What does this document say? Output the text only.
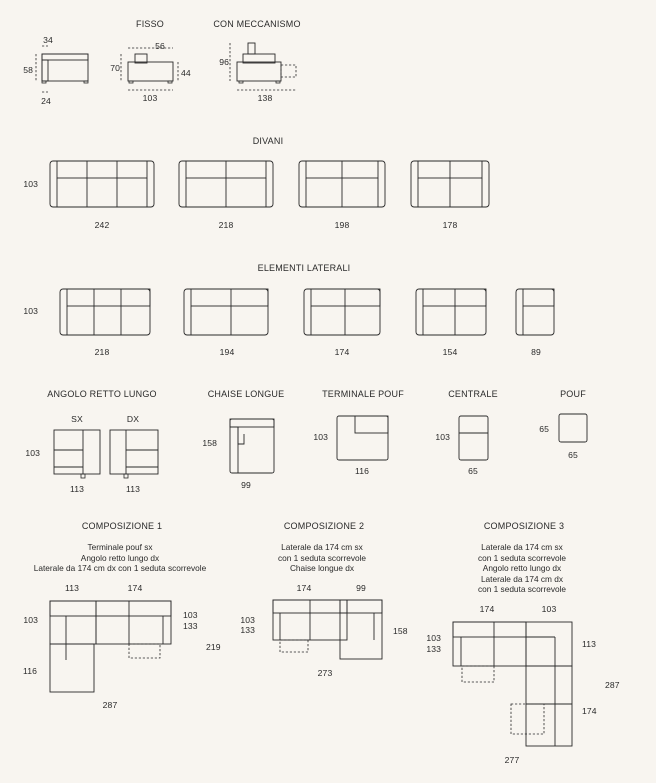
FISSO	CON MECCANISMO
DIVANI
ELEMENTI LATERALI
ANGOLO RETTO LUNGO	CHAISE LONGUE	TERMINALE POUF	CENTRALE	POUF
COMPOSIZIONE 1	COMPOSIZIONE 2	COMPOSIZIONE 3
34
58
24
56
70	44
103
96
138
103
242	218	198	178
103
218	194	174	154	89
SX	DX
103
113	113
158
99
103
116
103
65
65
65
Terminale pouf sx
Angolo retto lungo dx
Laterale da 174 cm dx con 1 seduta scorrevole
Laterale da 174 cm sx
con 1 seduta scorrevole
Chaise longue dx
Laterale da 174 cm sx
con 1 seduta scorrevole
Angolo retto lungo dx
Laterale da 174 cm dx
con 1 seduta scorrevole
113	174
103	103
133
219
116
287
174	99
103
133	158
273
174	103
103
133	113
287
174
277
